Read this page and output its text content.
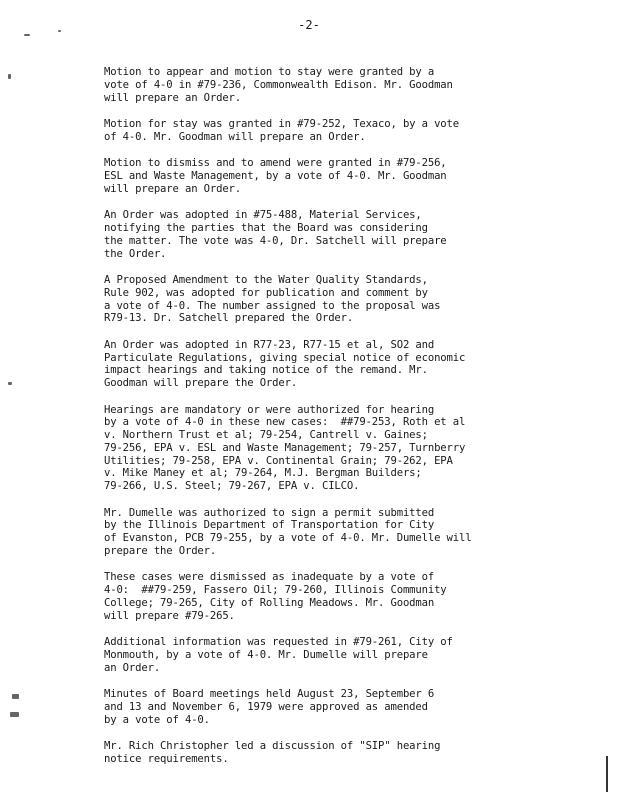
-2-

Motion to appear and motion to stay were granted by a
vote of 4-0 in #79-236, Commonwealth Edison. Mr. Goodman
will prepare an Order.

Motion for stay was granted in #79-252, Texaco, by a vote
of 4-0. Mr. Goodman will prepare an Order.

Motion to dismiss and to amend were granted in #79-256,
ESL and Waste Management, by a vote of 4-0. Mr. Goodman
will prepare an Order.

An Order was adopted in #75-488, Material Services,
notifying the parties that the Board was considering
the matter. The vote was 4-0, Dr. Satchell will prepare
the Order.

A Proposed Amendment to the Water Quality Standards,
Rule 902, was adopted for publication and comment by
a vote of 4-0. The number assigned to the proposal was
R79-13. Dr. Satchell prepared the Order.

An Order was adopted in R77-23, R77-15 et al, SO2 and
Particulate Regulations, giving special notice of economic
impact hearings and taking notice of the remand. Mr.
Goodman will prepare the Order.

Hearings are mandatory or were authorized for hearing
by a vote of 4-0 in these new cases:  ##79-253, Roth et al
v. Northern Trust et al; 79-254, Cantrell v. Gaines;
79-256, EPA v. ESL and Waste Management; 79-257, Turnberry
Utilities; 79-258, EPA v. Continental Grain; 79-262, EPA
v. Mike Maney et al; 79-264, M.J. Bergman Builders;
79-266, U.S. Steel; 79-267, EPA v. CILCO.

Mr. Dumelle was authorized to sign a permit submitted
by the Illinois Department of Transportation for City
of Evanston, PCB 79-255, by a vote of 4-0. Mr. Dumelle will
prepare the Order.

These cases were dismissed as inadequate by a vote of
4-0:  ##79-259, Fassero Oil; 79-260, Illinois Community
College; 79-265, City of Rolling Meadows. Mr. Goodman
will prepare #79-265.

Additional information was requested in #79-261, City of
Monmouth, by a vote of 4-0. Mr. Dumelle will prepare
an Order.

Minutes of Board meetings held August 23, September 6
and 13 and November 6, 1979 were approved as amended
by a vote of 4-0.

Mr. Rich Christopher led a discussion of "SIP" hearing
notice requirements.
